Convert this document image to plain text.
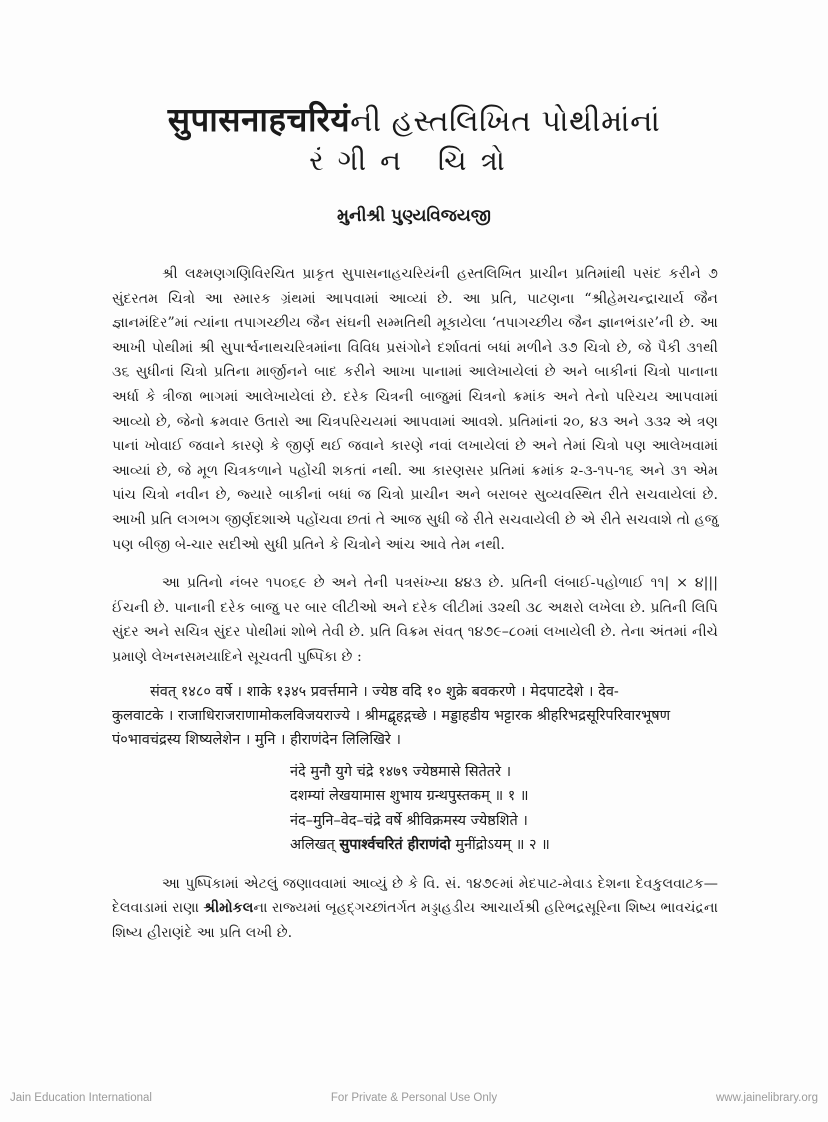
सुपासनाहचरियंની હસ્તલિખિત પોથીમાંનાં
રંગીન ચિત્રો
મુનીશ્રી પુણ્યવિજયજી

શ્રી લક્ષ્મણગણિવિરચિત પ્રાકૃત સુપાસનાહચરિયંની હસ્તલિખિત પ્રાચીન પ્રતિમાંથી પસંદ કરીને ૭ સુંદરતમ ચિત્રો આ સ્મારક ગ્રંથમાં આપવામાં આવ્યાં છે. આ પ્રતિ, પાટણના “શ્રીહેમચન્દ્રાચાર્ય જૈન જ્ઞાનમંદિર”માં ત્યાંના તપાગચ્છીય જૈન સંઘની સમ્મતિથી મૂકાયેલા ‘તપાગચ્છીય જૈન જ્ઞાનભંડાર’ની છે. આ આખી પોથીમાં શ્રી સુપાર્શ્વનાથચરિત્રમાંના વિવિધ પ્રસંગોને દર્શાવતાં બધાં મળીને ૩૭ ચિત્રો છે, જે પૈકી ૩૧થી ૩૬ સુધીનાં ચિત્રો પ્રતિના માર્જીનને બાદ કરીને આખા પાનામાં આલેખાયેલાં છે અને બાકીનાં ચિત્રો પાનાના અર્ધા કે ત્રીજા ભાગમાં આલેખાયેલાં છે. દરેક ચિત્રની બાજુમાં ચિત્રનો ક્રમાંક અને તેનો પરિચય આપવામાં આવ્યો છે, જેનો ક્રમવાર ઉતારો આ ચિત્રપરિચયમાં આપવામાં આવશે. પ્રતિમાંનાં ૨૦, ૪૩ અને ૩૩૨ એ ત્રણ પાનાં ખોવાઈ જવાને કારણે કે જીર્ણ થઈ જવાને કારણે નવાં લખાયેલાં છે અને તેમાં ચિત્રો પણ આલેખવામાં આવ્યાં છે, જે મૂળ ચિત્રકળાને પહોંચી શકતાં નથી. આ કારણસર પ્રતિમાં ક્રમાંક ૨-૩-૧૫-૧૬ અને ૩૧ એમ પાંચ ચિત્રો નવીન છે, જ્યારે બાકીનાં બધાં જ ચિત્રો પ્રાચીન અને બરાબર સુવ્યવસ્થિત રીતે સચવાયેલાં છે. આખી પ્રતિ લગભગ જીર્ણદશાએ પહોંચવા છતાં તે આજ સુધી જે રીતે સચવાયેલી છે એ રીતે સચવાશે તો હજુ પણ બીજી બે-ચાર સદીઓ સુધી પ્રતિને કે ચિત્રોને આંચ આવે તેમ નથી.

આ પ્રતિનો નંબર ૧૫૦૬૯ છે અને તેની પત્રસંખ્યા ૪૪૩ છે. પ્રતિની લંબાઈ-પહોળાઈ ૧૧| × ૪||| ઈંચની છે. પાનાની દરેક બાજુ પર બાર લીટીઓ અને દરેક લીટીમાં ૩૨થી ૩૮ અક્ષરો લખેલા છે. પ્રતિની લિપિ સુંદર અને સચિત્ર સુંદર પોથીમાં શોભે તેવી છે. પ્રતિ વિક્રમ સંવત્ ૧૪૭૯–૮૦માં લખાયેલી છે. તેના અંતમાં નીચે પ્રમાણે લેખનસમયાદિને સૂચવતી પુષ્પિકા છે :

संवत् १४८० वर्षे । शाके १३४५ प्रवर्त्तमाने । ज्येष्ठ वदि १० शुक्रे बवकरणे । मेदपाटदेशे । देव-
कुलवाटके । राजाधिराजराणामोकलविजयराज्ये । श्रीमद्बृहद्गच्छे । मड्डाहडीय भट्टारक श्रीहरिभद्रसूरिपरिवारभूषण
पं०भावचंद्रस्य शिष्यलेशेन । मुनि । हीराणंदेन लिलिखिरे ।
नंदे मुनौ युगे चंद्रे १४७९ ज्येष्ठमासे सितेतरे ।
दशम्यां लेखयामास शुभाय ग्रन्थपुस्तकम् ॥ १ ॥
नंद–मुनि–वेद–चंद्रे वर्षे श्रीविक्रमस्य ज्येष्ठशिते ।
अलिखत् सुपार्श्वचरितं हीराणंदो मुनींद्रोऽयम् ॥ २ ॥

આ પુષ્પિકામાં એટલું જણાવવામાં આવ્યું છે કે વિ. સં. ૧૪૭૯માં મેદપાટ-મેવાડ દેશના દેવકુલવાટક—દેલવાડામાં રાણા શ્રીમોકલના રાજ્યમાં બૃહદ્ગચ્છાંતર્ગત મડ્ડાહડીય આચાર્યશ્રી હરિભદ્રસૂરિના શિષ્ય ભાવચંદ્રના શિષ્ય હીરાણંદે આ પ્રતિ લખી છે.

Jain Education International	For Private & Personal Use Only	www.jainelibrary.org
